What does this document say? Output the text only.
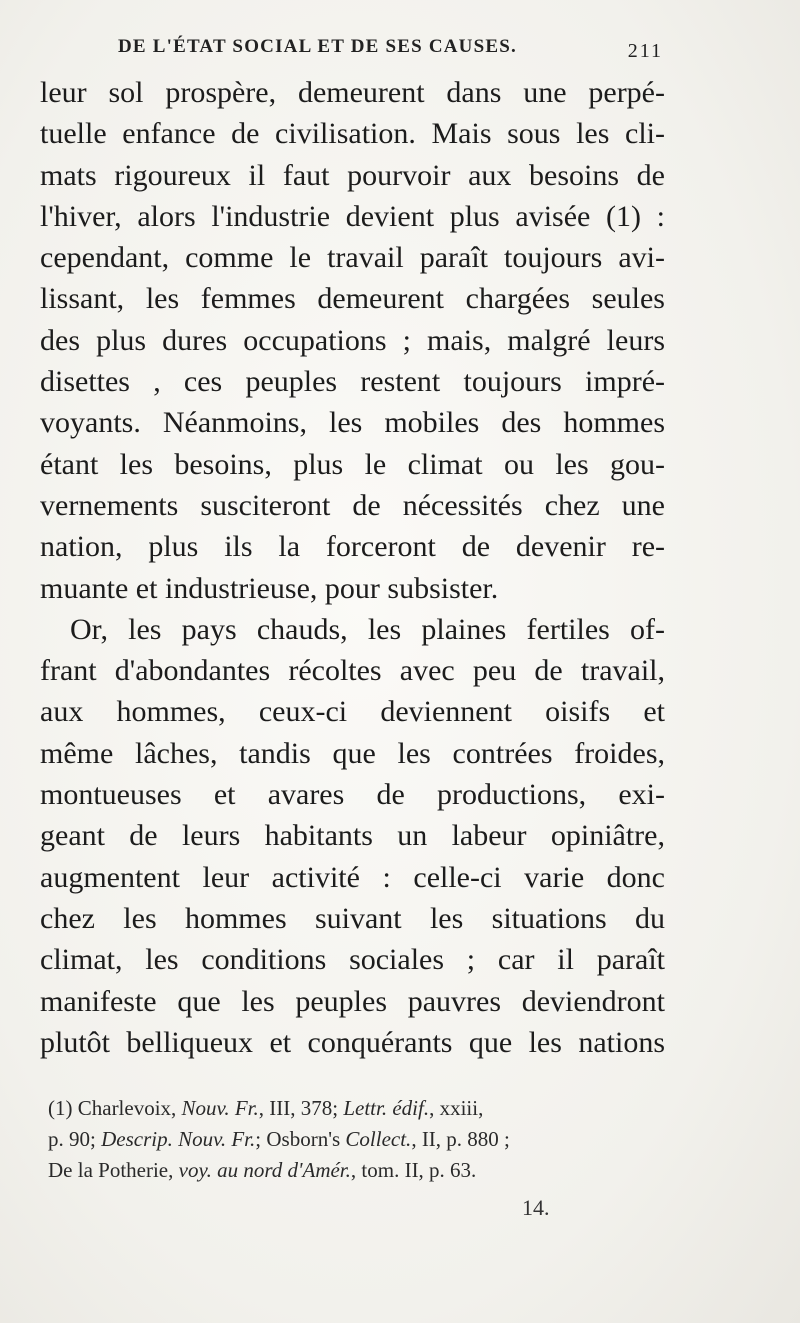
DE L'ÉTAT SOCIAL ET DE SES CAUSES.	211
leur sol prospère, demeurent dans une perpé-
tuelle enfance de civilisation. Mais sous les cli-
mats rigoureux il faut pourvoir aux besoins de
l'hiver, alors l'industrie devient plus avisée (1) :
cependant, comme le travail paraît toujours avi-
lissant, les femmes demeurent chargées seules
des plus dures occupations ; mais, malgré leurs
disettes , ces peuples restent toujours impré-
voyants. Néanmoins, les mobiles des hommes
étant les besoins, plus le climat ou les gou-
vernements susciteront de nécessités chez une
nation, plus ils la forceront de devenir re-
muante et industrieuse, pour subsister.
Or, les pays chauds, les plaines fertiles of-
frant d'abondantes récoltes avec peu de travail,
aux hommes, ceux-ci deviennent oisifs et
même lâches, tandis que les contrées froides,
montueuses et avares de productions, exi-
geant de leurs habitants un labeur opiniâtre,
augmentent leur activité : celle-ci varie donc
chez les hommes suivant les situations du
climat, les conditions sociales ; car il paraît
manifeste que les peuples pauvres deviendront
plutôt belliqueux et conquérants que les nations
(1) Charlevoix, Nouv. Fr., III, 378; Lettr. édif., xxiii,
p. 90; Descrip. Nouv. Fr.; Osborn's Collect., II, p. 880 ;
De la Potherie, voy. au nord d'Amér., tom. II, p. 63.
14.
